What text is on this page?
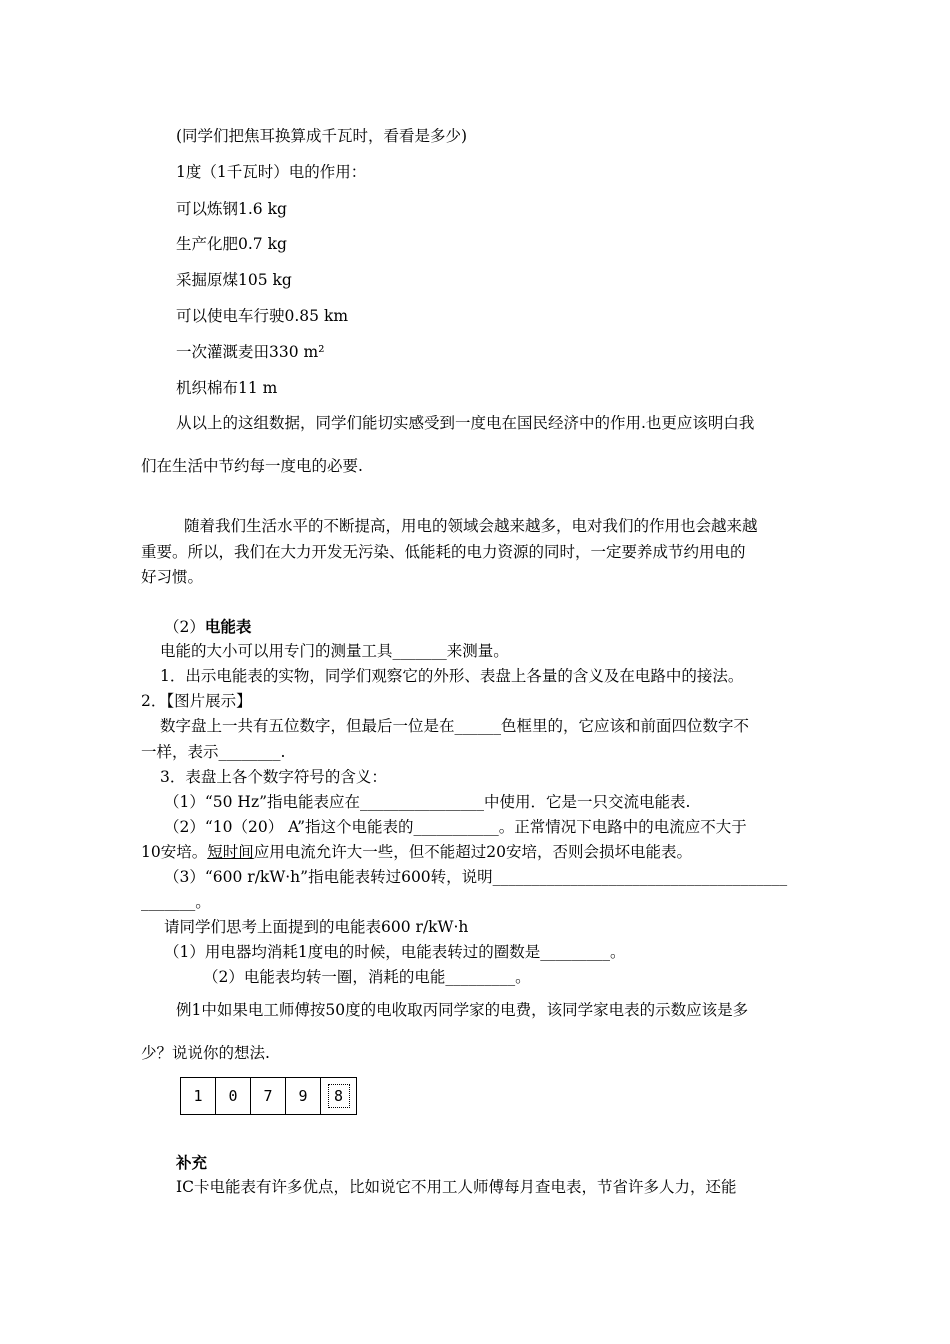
(同学们把焦耳换算成千瓦时，看看是多少)
1度（1千瓦时）电的作用：
可以炼钢1.6 kg
生产化肥0.7 kg
采掘原煤105 kg
可以使电车行驶0.85 km
一次灌溉麦田330 m²
机织棉布11 m
从以上的这组数据，同学们能切实感受到一度电在国民经济中的作用.也更应该明白我
们在生活中节约每一度电的必要.
随着我们生活水平的不断提高，用电的领域会越来越多，电对我们的作用也会越来越
重要。所以，我们在大力开发无污染、低能耗的电力资源的同时，一定要养成节约用电的
好习惯。
（2）电能表
电能的大小可以用专门的测量工具_______来测量。
1．出示电能表的实物，同学们观察它的外形、表盘上各量的含义及在电路中的接法。
2．【图片展示】
数字盘上一共有五位数字，但最后一位是在______色框里的，它应该和前面四位数字不
一样，表示________.
3．表盘上各个数字符号的含义：
（1）“50 Hz”指电能表应在________________中使用．它是一只交流电能表.
（2）“10（20） A”指这个电能表的___________。正常情况下电路中的电流应不大于
10安培。短时间应用电流允许大一些，但不能超过20安培，否则会损坏电能表。
（3）“600 r/kW·h”指电能表转过600转，说明______________________________________
_______。
请同学们思考上面提到的电能表600 r/kW·h
（1）用电器均消耗1度电的时候，电能表转过的圈数是_________。
（2）电能表均转一圈，消耗的电能_________。
例1中如果电工师傅按50度的电收取丙同学家的电费，该同学家电表的示数应该是多
少？说说你的想法.
1	0	7	9	8
补充
IC卡电能表有许多优点，比如说它不用工人师傅每月查电表，节省许多人力，还能
